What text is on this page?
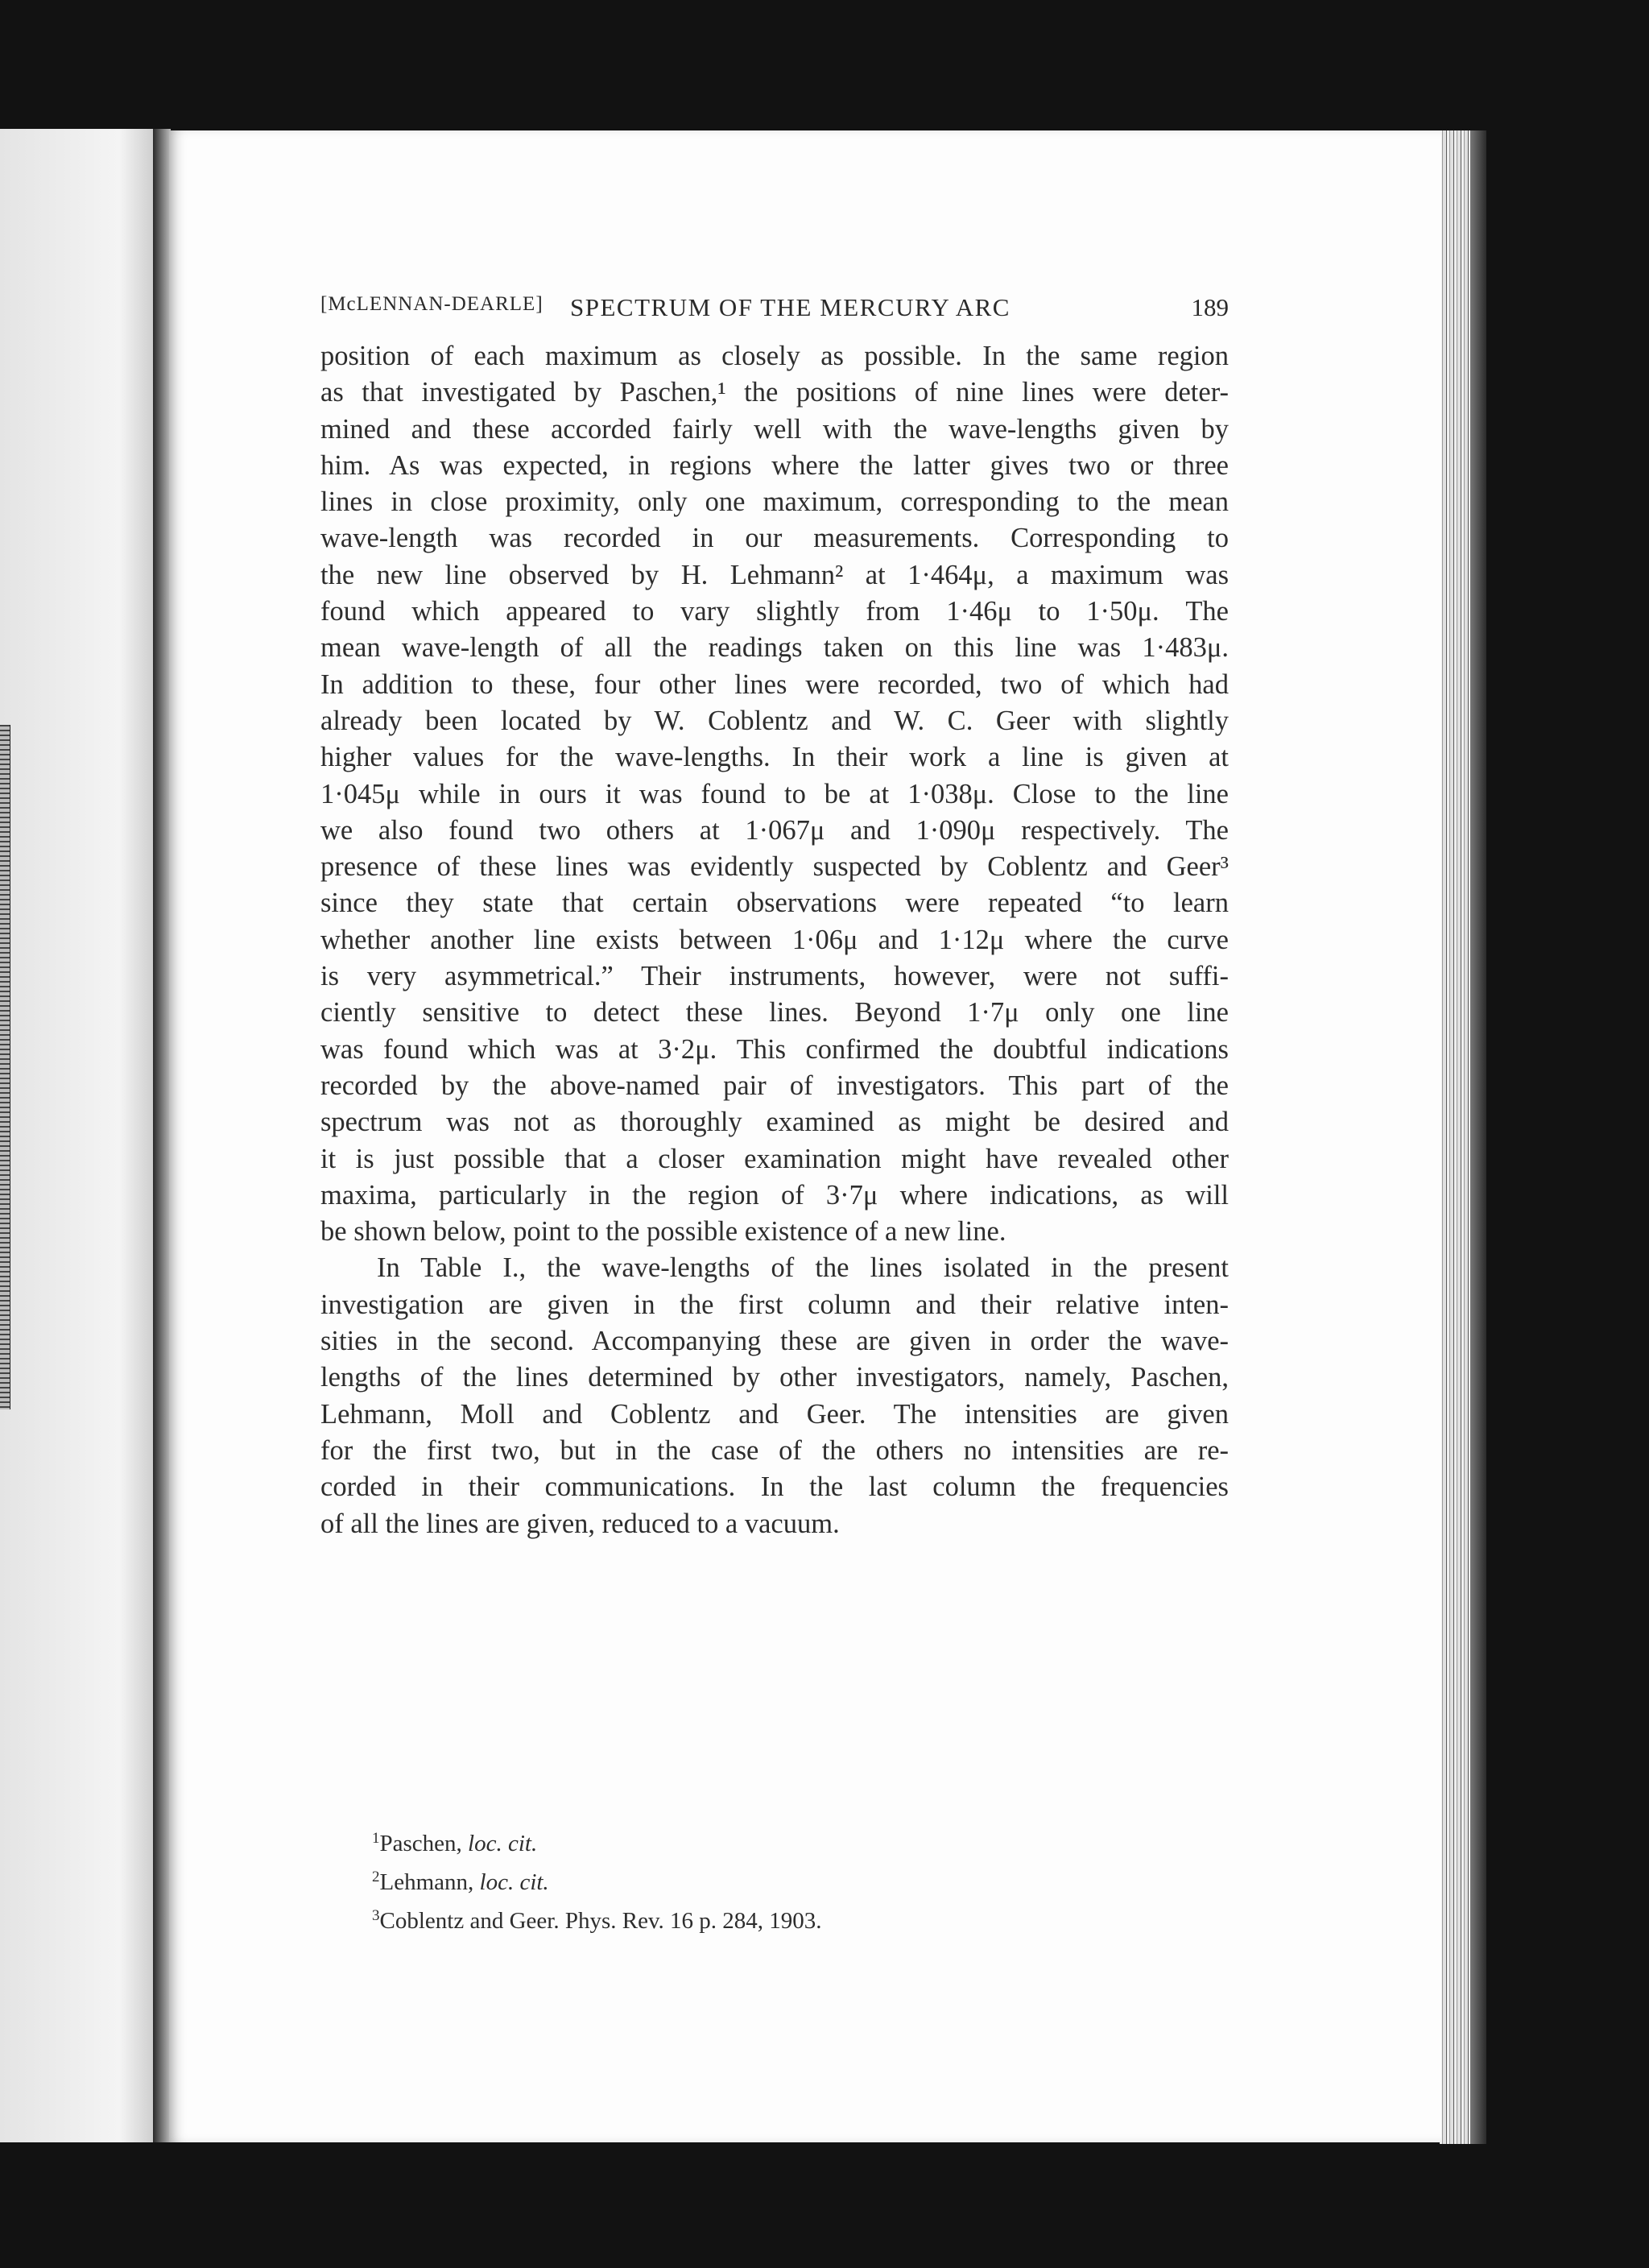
[McLENNAN-DEARLE] SPECTRUM OF THE MERCURY ARC	189

position of each maximum as closely as possible. In the same region
as that investigated by Paschen,¹ the positions of nine lines were deter-
mined and these accorded fairly well with the wave-lengths given by
him. As was expected, in regions where the latter gives two or three
lines in close proximity, only one maximum, corresponding to the mean
wave-length was recorded in our measurements. Corresponding to
the new line observed by H. Lehmann² at 1·464μ, a maximum was
found which appeared to vary slightly from 1·46μ to 1·50μ. The
mean wave-length of all the readings taken on this line was 1·483μ.
In addition to these, four other lines were recorded, two of which had
already been located by W. Coblentz and W. C. Geer with slightly
higher values for the wave-lengths. In their work a line is given at
1·045μ while in ours it was found to be at 1·038μ. Close to the line
we also found two others at 1·067μ and 1·090μ respectively. The
presence of these lines was evidently suspected by Coblentz and Geer³
since they state that certain observations were repeated “to learn
whether another line exists between 1·06μ and 1·12μ where the curve
is very asymmetrical.” Their instruments, however, were not suffi-
ciently sensitive to detect these lines. Beyond 1·7μ only one line
was found which was at 3·2μ. This confirmed the doubtful indications
recorded by the above-named pair of investigators. This part of the
spectrum was not as thoroughly examined as might be desired and
it is just possible that a closer examination might have revealed other
maxima, particularly in the region of 3·7μ where indications, as will
be shown below, point to the possible existence of a new line.

In Table I., the wave-lengths of the lines isolated in the present
investigation are given in the first column and their relative inten-
sities in the second. Accompanying these are given in order the wave-
lengths of the lines determined by other investigators, namely, Paschen,
Lehmann, Moll and Coblentz and Geer. The intensities are given
for the first two, but in the case of the others no intensities are re-
corded in their communications. In the last column the frequencies
of all the lines are given, reduced to a vacuum.

$^1$Paschen, loc. cit.
$^2$Lehmann, loc. cit.
$^3$Coblentz and Geer. Phys. Rev. 16 p. 284, 1903.
